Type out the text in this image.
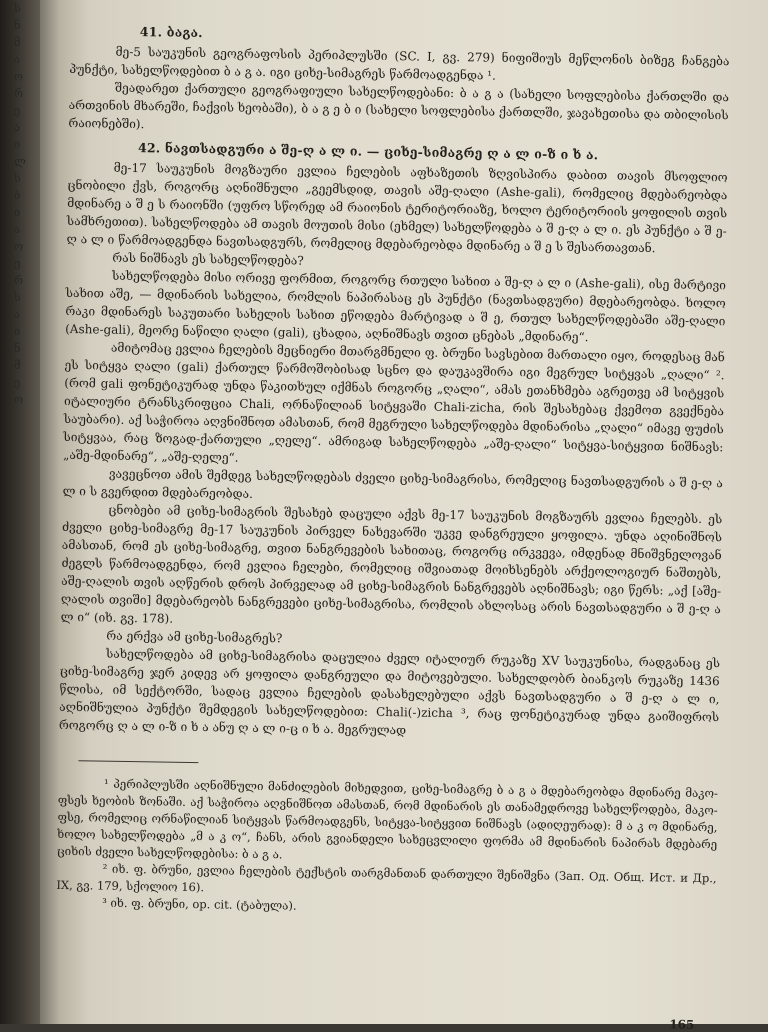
ს
ნ
მ
ა
ო
რ
ე
ა
ი
ლ
ს
ბ
ი
ა
ო
ე
რ
ს
ა
ი
ნ
მ
ე
ო
41. ბაგა.

მე-5 საუკუნის გეოგრაფოსის პერიპლუსში (SC. I, გვ. 279) ნიფიშიუს მეწლონის ბიზეგ ჩანგება პუნქტი, სახელწოდებით ბ ა გ ა. იგი ციხე-სიმაგრეს წარმოადგენდა ¹.

შეადარეთ ქართული გეოგრაფიული სახელწოდებანი: ბ ა გ ა (სახელი სოფლებისა ქართლში და ართვინის მხარეში, ჩაქვის ხეობაში), ბ ა გ ე ბ ი (სახელი სოფლებისა ქართლში, ჯავახეთისა და თბილისის რაიონებში).

42. ნავთსადგური ა შე-ღ ა ლ ი. — ციხე-სიმაგრე ღ ა ლ ი-ზ ი ხ ა.

მე-17 საუკუნის მოგზაური ევლია ჩელების აფხაზეთის ზღვისპირა დაბით თავის მსოფლიო ცნობილი ქვს, როგორც აღნიშნული „გეემსდიდ, თავის აშე-ღალი (Ashe-gali), რომელიც მდებარეობდა მდინარე ა შ ე ს რაიონში (უფრო სწორედ ამ რაიონის ტერიტორიაზე, ხოლო ტერიტორიის ყოფილის თვის სამხრეთით). სახელწოდება ამ თავის მოუთის მისი (ეხმელ) სახელწოდება ა შ ე-ღ ა ლ ი. ეს პუნქტი ა შ ე-ღ ა ლ ი წარმოადგენდა ნავთსადგურს, რომელიც მდებარეობდა მდინარე ა შ ე ს შესართავთან.

რას ნიშნავს ეს სახელწოდება?

სახელწოდება მისი ორივე ფორმით, როგორც რთული სახით ა შე-ღ ა ლ ი (Ashe-gali), ისე მარტივი სახით აშე, — მდინარის სახელია, რომლის ნაპირასაც ეს პუნქტი (ნავთსადგური) მდებარეობდა. ხოლო რაკი მდინარეს საკუთარი სახელის სახით ეწოდება მარტივად ა შ ე, რთულ სახელწოდებაში აშე-ღალი (Ashe-gali), მეორე ნაწილი ღალი (gali), ცხადია, აღნიშნავს თვით ცნებას „მდინარე“.

ამიტომაც ევლია ჩელების მეცნიერი მთარგმნელი ფ. ბრუნი სავსებით მართალი იყო, როდესაც მან ეს სიტყვა ღალი (gali) ქართულ წარმოშობისად სცნო და დაუკავშირა იგი მეგრულ სიტყვას „ღალი“ ². (რომ gali ფონეტიკურად უნდა წაკითხულ იქმნას როგორც „ღალი“, ამას ეთანხმება აგრეთვე ამ სიტყვის იტალიური ტრანსკრიფცია Chali, ორნაწილიან სიტყვაში Chali-zicha, რის შესახებაც ქვემოთ გვექნება საუბარი). აქ საჭიროა აღვნიშნოთ ამასთან, რომ მეგრული სახელწოდება მდინარისა „ღალი“ იმავე ფუძის სიტყვაა, რაც ზოგად-ქართული „ღელე“. ამრიგად სახელწოდება „აშე-ღალი“ სიტყვა-სიტყვით ნიშნავს: „აშე-მდინარე“, „აშე-ღელე“.

ვავეცნოთ ამის შემდეგ სახელწოდებას ძველი ციხე-სიმაგრისა, რომელიც ნავთსადგურის ა შ ე-ღ ა ლ ი ს გვერდით მდებარეობდა.

ცნობები ამ ციხე-სიმაგრის შესახებ დაცული აქვს მე-17 საუკუნის მოგზაურს ევლია ჩელებს. ეს ძველი ციხე-სიმაგრე მე-17 საუკუნის პირველ ნახევარში უკვე დანგრეული ყოფილა. უნდა აღინიშნოს ამასთან, რომ ეს ციხე-სიმაგრე, თვით ნანგრევების სახითაც, როგორც ირკვევა, იმდენად მნიშვნელოვან ძეგლს წარმოადგენდა, რომ ევლია ჩელები, რომელიც იშვიათად მოიხსენებს არქეოლოგიურ ნაშთებს, აშე-ღალის თვის აღწერის დროს პირველად ამ ციხე-სიმაგრის ნანგრევებს აღნიშნავს; იგი წერს: „აქ [აშე-ღალის თვიში] მდებარეობს ნანგრევები ციხე-სიმაგრისა, რომლის ახლოსაც არის ნავთსადგური ა შ ე-ღ ა ლ ი“ (იხ. გვ. 178).

რა ერქვა ამ ციხე-სიმაგრეს?

სახელწოდება ამ ციხე-სიმაგრისა დაცულია ძველ იტალიურ რუკაზე XV საუკუნისა, რადგანაც ეს ციხე-სიმაგრე ჯერ კიდევ არ ყოფილა დანგრეული და მიტოვებული. სახელდობრ ბიანკოს რუკაზე 1436 წლისა, იმ სექტორში, სადაც ევლია ჩელების დასახელებული აქვს ნავთსადგური ა შ ე-ღ ა ლ ი, აღნიშნულია პუნქტი შემდეგის სახელწოდებით: Chali(-)zicha ³, რაც ფონეტიკურად უნდა გაიშიფროს როგორც ღ ა ლ ი-ზ ი ხ ა ანუ ღ ა ლ ი-ც ი ხ ა. მეგრულად

¹ პერიპლუსში აღნიშნული მანძილების მიხედვით, ციხე-სიმაგრე ბ ა გ ა მდებარეობდა მდინარე მაკო-ფსეს ხეობის ზონაში. აქ საჭიროა აღვნიშნოთ ამასთან, რომ მდინარის ეს თანამედროვე სახელწოდება, მაკო-ფსე, რომელიც ორნაწილიან სიტყვას წარმოადგენს, სიტყვა-სიტყვით ნიშნავს (ადიღეურად): მ ა კ ო მდინარე, ხოლო სახელწოდება „მ ა კ ო“, ჩანს, არის გვიანდელი სახეცვლილი ფორმა ამ მდინარის ნაპირას მდებარე ციხის ძველი სახელწოდებისა: ბ ა გ ა.

² იხ. ფ. ბრუნი, ევლია ჩელების ტექსტის თარგმანთან დართული შენიშვნა (Зап. Од. Общ. Ист. и Др., IX, გვ. 179, სქოლიო 16).

³ იხ. ფ. ბრუნი, op. cit. (ტაბულა).

165
